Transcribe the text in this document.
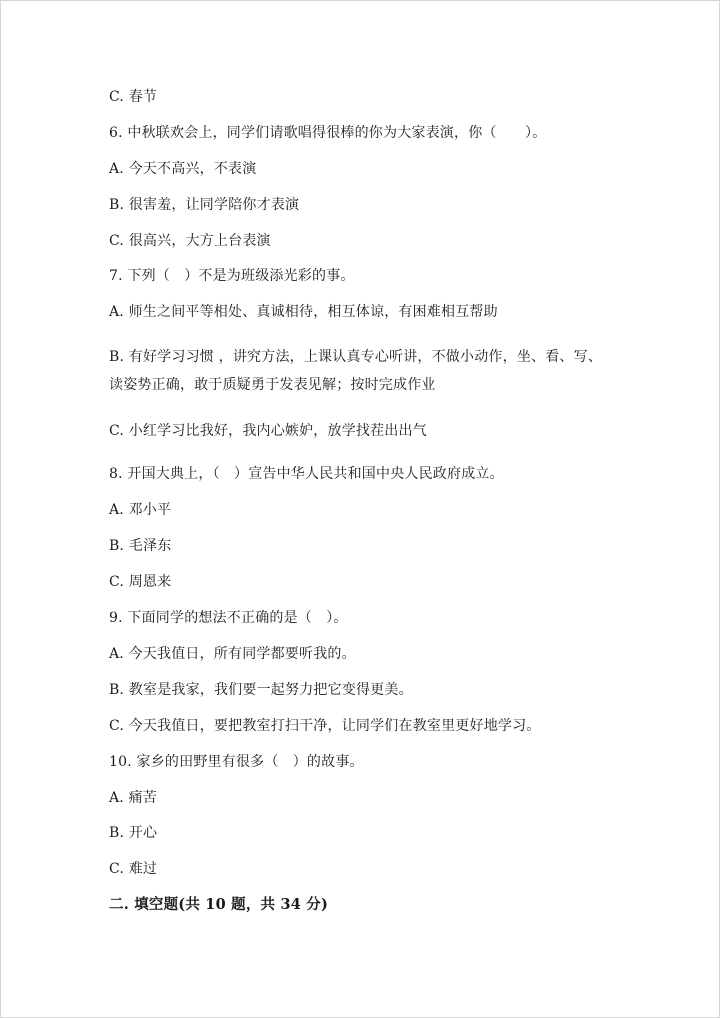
C. 春节
6. 中秋联欢会上，同学们请歌唱得很棒的你为大家表演，你（　　）。
A. 今天不高兴，不表演
B. 很害羞，让同学陪你才表演
C. 很高兴，大方上台表演
7. 下列（　）不是为班级添光彩的事。
A. 师生之间平等相处、真诚相待，相互体谅，有困难相互帮助
B. 有好学习习惯 ，讲究方法，上课认真专心听讲，不做小动作，坐、看、写、
读姿势正确，敢于质疑勇于发表见解；按时完成作业
C. 小红学习比我好，我内心嫉妒，放学找茬出出气
8. 开国大典上，（　）宣告中华人民共和国中央人民政府成立。
A. 邓小平
B. 毛泽东
C. 周恩来
9. 下面同学的想法不正确的是（　）。
A. 今天我值日，所有同学都要听我的。
B. 教室是我家，我们要一起努力把它变得更美。
C. 今天我值日，要把教室打扫干净，让同学们在教室里更好地学习。
10. 家乡的田野里有很多（　）的故事。
A. 痛苦
B. 开心
C. 难过
二. 填空题(共 10 题，共 34 分)
